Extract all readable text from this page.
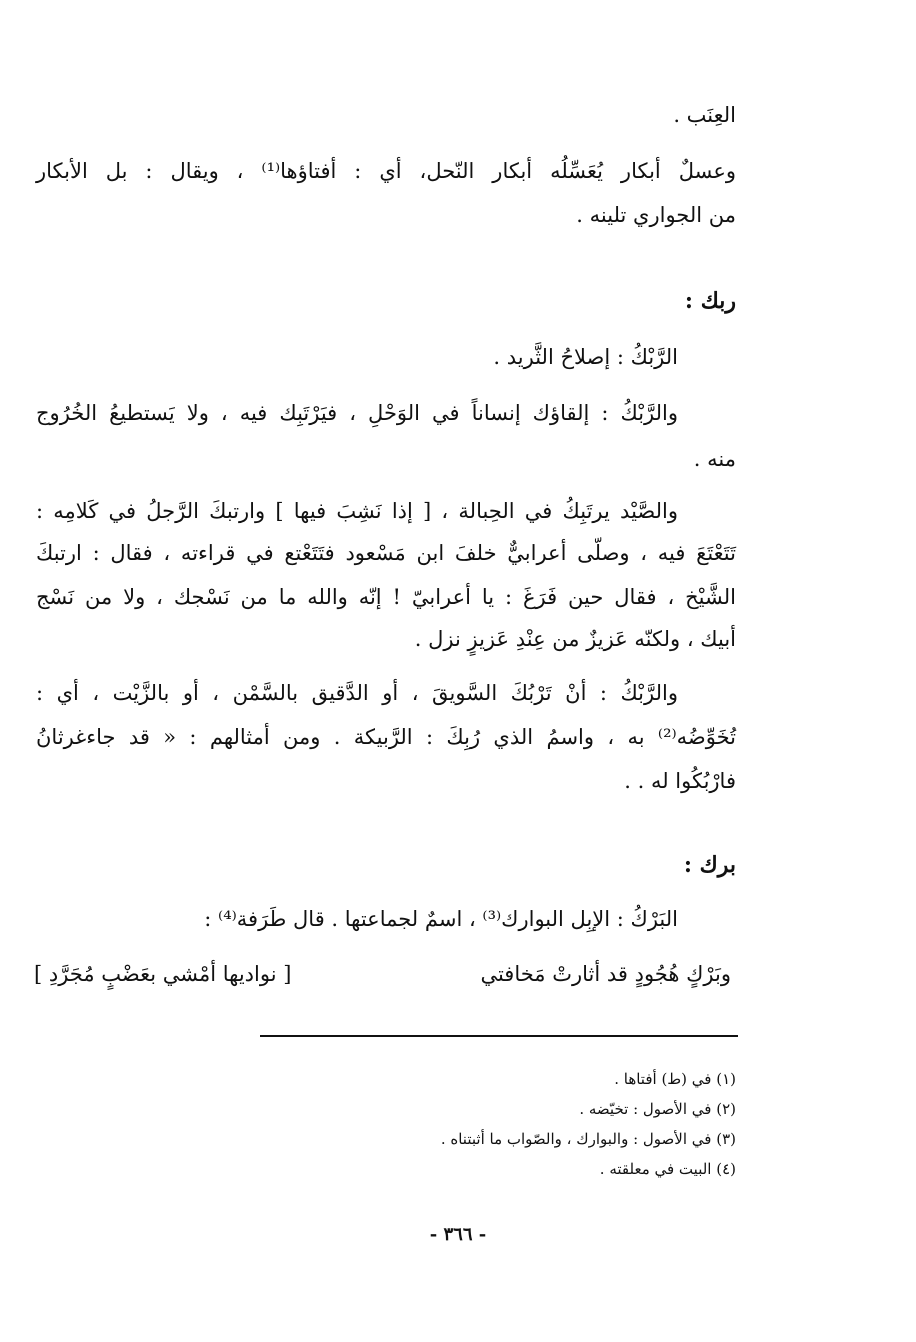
العِنَب .
وعسلٌ أبكار يُعَسِّلُه أبكار النّحل، أي : أفتاؤها⁽¹⁾ ، ويقال : بل الأبكار
من الجواري تلينه .
ربك :
الرَّبْكُ : إصلاحُ الثَّريد .
والرَّبْكُ : إلقاؤك إنساناً في الوَحْلِ ، فيَرْتَبِك فيه ، ولا يَستطيعُ الخُرُوج
منه .
والصَّيْد يرتَبِكُ في الحِبالة ، [ إذا نَشِبَ فيها ] وارتبكَ الرَّجلُ في كَلامِه :
تَتَعْتَعَ فيه ، وصلّى أعرابيٌّ خلفَ ابن مَسْعود فتَتَعْتع في قراءته ، فقال : ارتبكَ
الشَّيْخ ، فقال حين فَرَغَ : يا أعرابيّ ! إنّه والله ما من نَسْجك ، ولا من نَسْج
أبيك ، ولكنّه عَزيزٌ من عِنْدِ عَزيزٍ نزل .
والرَّبْكُ : أنْ تَرْبُكَ السَّويقَ ، أو الدَّقيق بالسَّمْن ، أو بالزَّيْت ، أي :
تُخَوِّضُه⁽²⁾ به ، واسمُ الذي رُبِكَ : الرَّبيكة . ومن أمثالهم : « قد جاءغرثانُ
فارْبُكُوا له . .
برك :
البَرْكُ : الإبِل البوارك⁽³⁾ ، اسمٌ لجماعتها . قال طَرَفة⁽⁴⁾ :
وبَرْكٍ هُجُودٍ قد أثارتْ مَخافتي
[ نواديها أمْشي بعَضْبٍ مُجَرَّدِ ]
(١) في (ط) أفتاها .
(٢) في الأصول : تخيّضه .
(٣) في الأصول : والبوارك ، والصّواب ما أثبتناه .
(٤) البيت في معلقته .
- ٣٦٦ -
